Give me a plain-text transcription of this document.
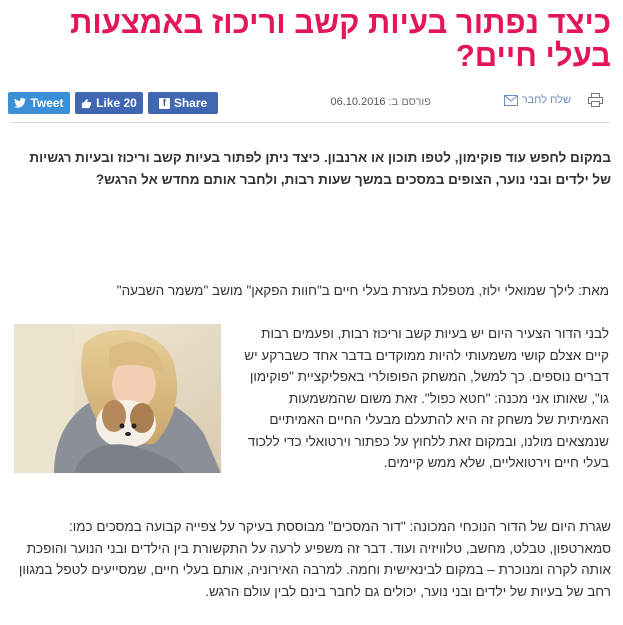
כיצד נפתור בעיות קשב וריכוז באמצעות בעלי חיים?
Tweet	Like 20	f Share	פורסם ב: 06.10.2016	שלח לחבר

במקום לחפש עוד פוקימון, לטפו תוכון או ארנבון. כיצד ניתן לפתור בעיות קשב וריכוז ובעיות רגשיות של ילדים ובני נוער, הצופים במסכים במשך שעות רבות, ולחבר אותם מחדש אל הרגש?

מאת: לילך שמואלי ילוז, מטפלת בעזרת בעלי חיים ב"חוות הפקאן" מושב "משמר השבעה"

לבני הדור הצעיר היום יש בעיות קשב וריכוז רבות, ופעמים רבות קיים אצלם קושי משמעותי להיות ממוקדים בדבר אחד כשברקע יש דברים נוספים. כך למשל, המשחק הפופולרי באפליקציית "פוקימון גו", שאותו אני מכנה: "חטא כפול". זאת משום שהמשמעות האמיתית של משחק זה היא להתעלם מבעלי החיים האמיתיים שנמצאים מולנו, ובמקום זאת ללחוץ על כפתור וירטואלי כדי ללכוד בעלי חיים וירטואליים, שלא ממש קיימים.

שגרת היום של הדור הנוכחי המכונה: "דור המסכים" מבוססת בעיקר על צפייה קבועה במסכים כמו: סמארטפון, טבלט, מחשב, טלוויזיה ועוד. דבר זה משפיע לרעה על התקשורת בין הילדים ובני הנוער והופכת אותה לקרה ומנוכרת – במקום לבינאישית וחמה. למרבה האירוניה, אותם בעלי חיים, שמסייעים לטפל במגוון רחב של בעיות של ילדים ובני נוער, יכולים גם לחבר בינם לבין עולם הרגש.
